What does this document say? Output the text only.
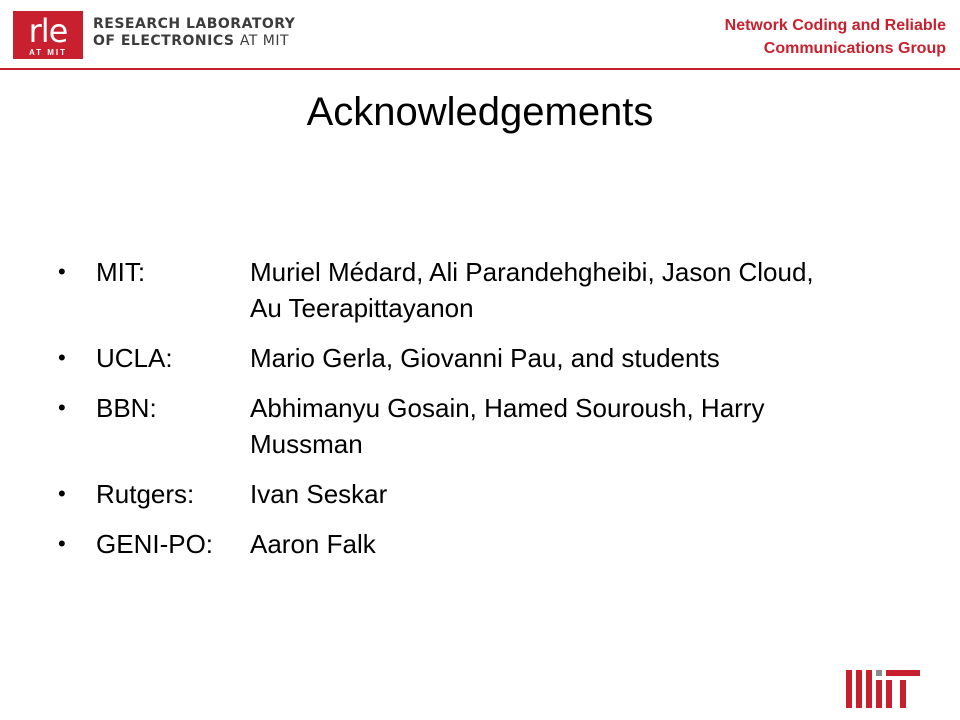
rle
AT MIT
RESEARCH LABORATORY
OF ELECTRONICS AT MIT
Network Coding and Reliable
Communications Group
Acknowledgements
• MIT:	Muriel Médard, Ali Parandehgheibi, Jason Cloud, Au Teerapittayanon
• UCLA:	Mario Gerla, Giovanni Pau, and students
• BBN:	Abhimanyu Gosain, Hamed Souroush, Harry Mussman
• Rutgers:	Ivan Seskar
• GENI-PO:	Aaron Falk
